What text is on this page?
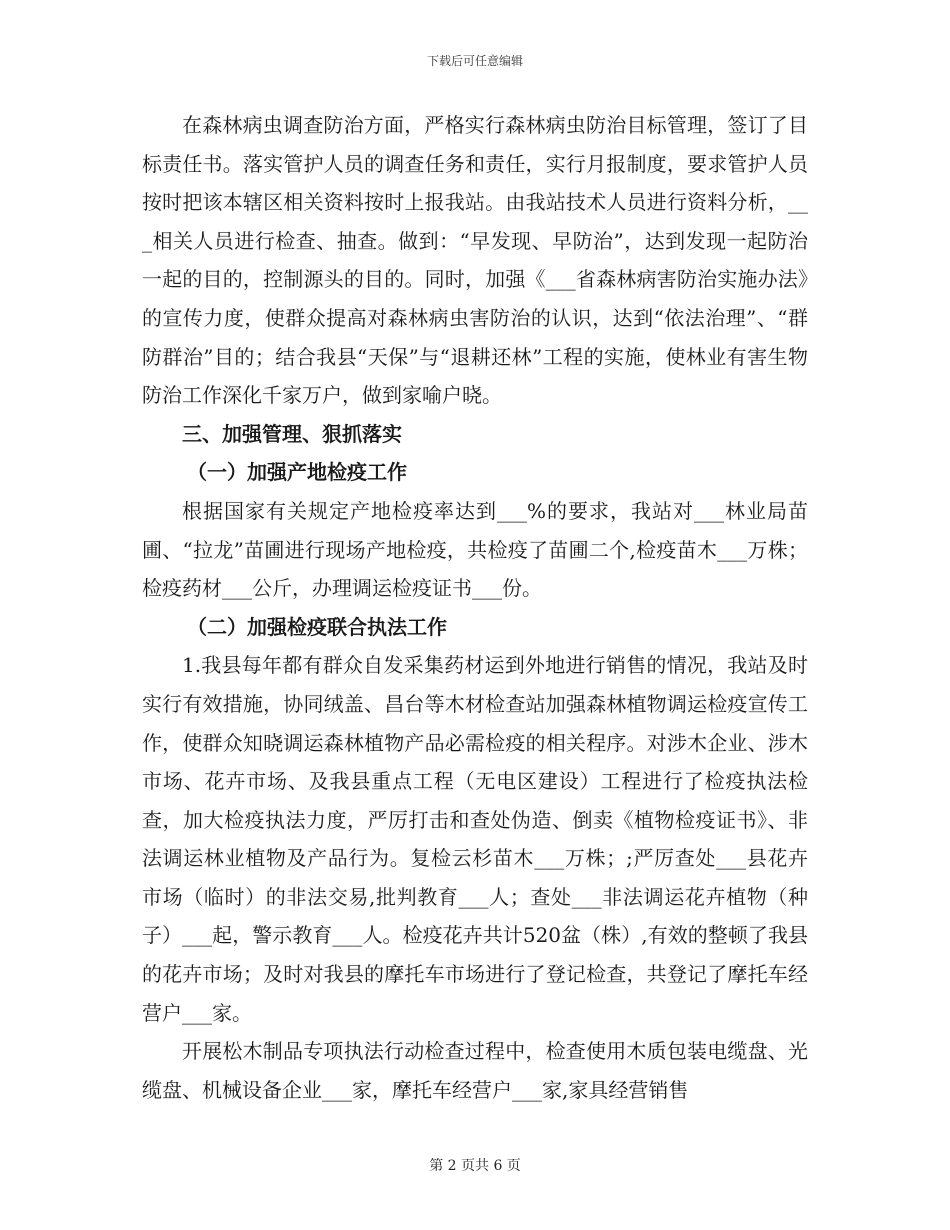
下载后可任意编辑

在森林病虫调查防治方面，严格实行森林病虫防治目标管理，签订了目标责任书。落实管护人员的调查任务和责任，实行月报制度，要求管护人员按时把该本辖区相关资料按时上报我站。由我站技术人员进行资料分析，___相关人员进行检查、抽查。做到：“早发现、早防治”，达到发现一起防治一起的目的，控制源头的目的。同时，加强《___省森林病害防治实施办法》的宣传力度，使群众提高对森林病虫害防治的认识，达到“依法治理”、“群防群治”目的；结合我县“天保”与“退耕还林”工程的实施，使林业有害生物防治工作深化千家万户，做到家喻户晓。

三、加强管理、狠抓落实

（一）加强产地检疫工作

根据国家有关规定产地检疫率达到___%的要求，我站对___林业局苗圃、“拉龙”苗圃进行现场产地检疫，共检疫了苗圃二个,检疫苗木___万株；检疫药材___公斤，办理调运检疫证书___份。

（二）加强检疫联合执法工作

1.我县每年都有群众自发采集药材运到外地进行销售的情况，我站及时实行有效措施，协同绒盖、昌台等木材检查站加强森林植物调运检疫宣传工作，使群众知晓调运森林植物产品必需检疫的相关程序。对涉木企业、涉木市场、花卉市场、及我县重点工程（无电区建设）工程进行了检疫执法检查，加大检疫执法力度，严厉打击和查处伪造、倒卖《植物检疫证书》、非法调运林业植物及产品行为。复检云杉苗木___万株；;严厉查处___县花卉市场（临时）的非法交易,批判教育___人；查处___非法调运花卉植物（种子）___起，警示教育___人。检疫花卉共计520盆（株）,有效的整顿了我县的花卉市场；及时对我县的摩托车市场进行了登记检查，共登记了摩托车经营户___家。

开展松木制品专项执法行动检查过程中，检查使用木质包装电缆盘、光缆盘、机械设备企业___家，摩托车经营户___家,家具经营销售

第 2 页共 6 页
